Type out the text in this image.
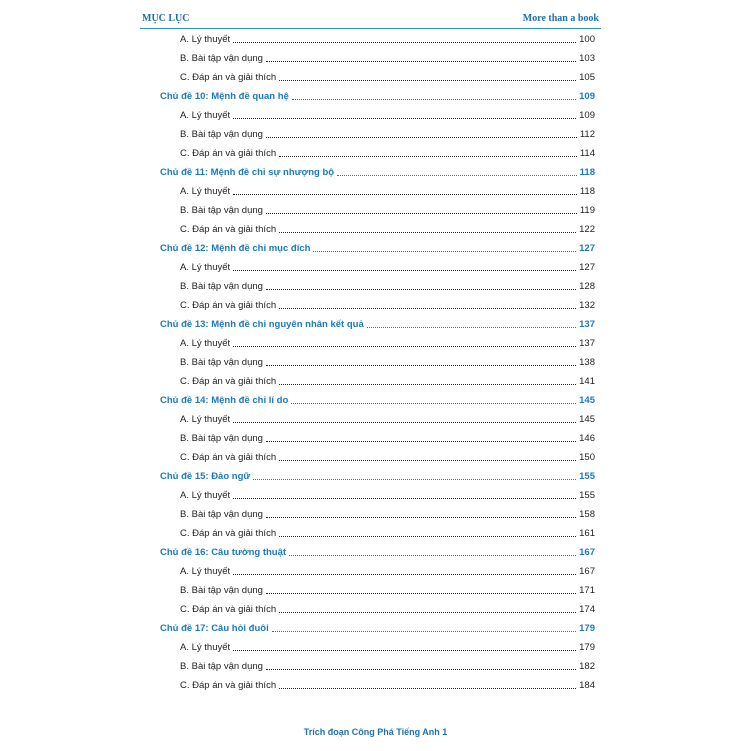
MỤC LỤC	More than a book
A. Lý thuyết	100
B. Bài tập vận dụng	103
C. Đáp án và giải thích	105
Chủ đề 10: Mệnh đề quan hệ	109
A. Lý thuyết	109
B. Bài tập vận dụng	112
C. Đáp án và giải thích	114
Chủ đề 11: Mệnh đề chỉ sự nhượng bộ	118
A. Lý thuyết	118
B. Bài tập vận dụng	119
C. Đáp án và giải thích	122
Chủ đề 12: Mệnh đề chỉ mục đích	127
A. Lý thuyết	127
B. Bài tập vận dụng	128
C. Đáp án và giải thích	132
Chủ đề 13: Mệnh đề chỉ nguyên nhân kết quả	137
A. Lý thuyết	137
B. Bài tập vận dụng	138
C. Đáp án và giải thích	141
Chủ đề 14: Mệnh đề chỉ lí do	145
A. Lý thuyết	145
B. Bài tập vận dụng	146
C. Đáp án và giải thích	150
Chủ đề 15: Đảo ngữ	155
A. Lý thuyết	155
B. Bài tập vận dụng	158
C. Đáp án và giải thích	161
Chủ đề 16: Câu tường thuật	167
A. Lý thuyết	167
B. Bài tập vận dụng	171
C. Đáp án và giải thích	174
Chủ đề 17: Câu hỏi đuôi	179
A. Lý thuyết	179
B. Bài tập vận dụng	182
C. Đáp án và giải thích	184
Trích đoạn Công Phá Tiếng Anh 1
